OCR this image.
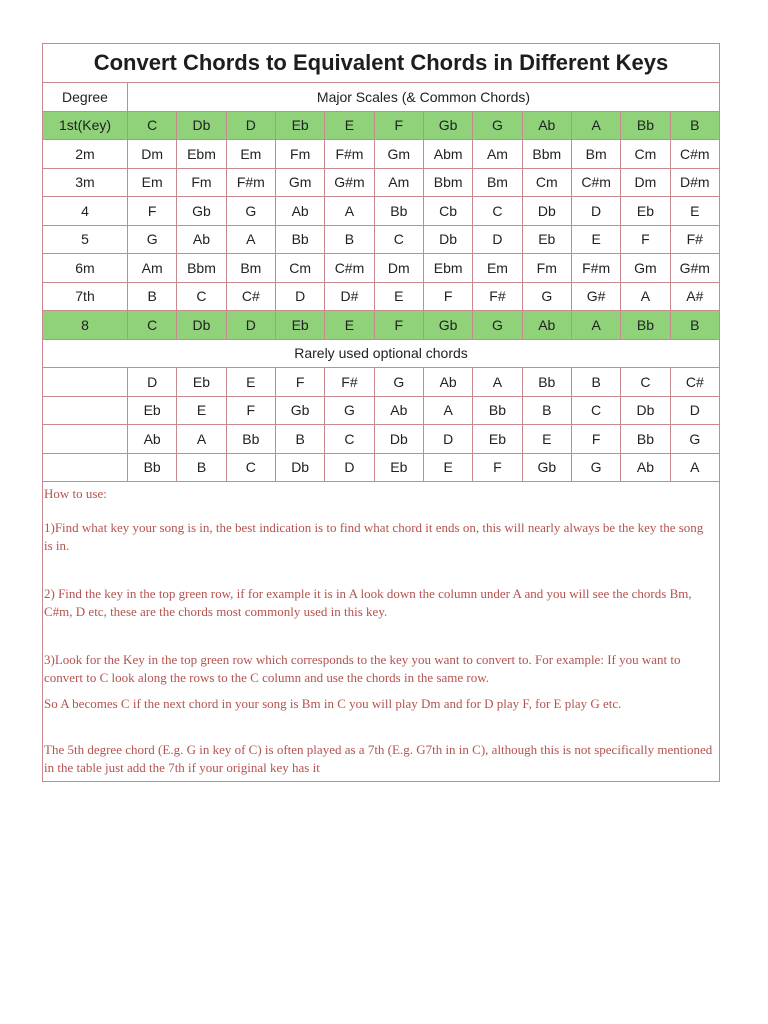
Convert Chords to Equivalent Chords in Different Keys
Degree	Major Scales (& Common Chords)											
1st(Key)	C	Db	D	Eb	E	F	Gb	G	Ab	A	Bb	B
2m	Dm	Ebm	Em	Fm	F#m	Gm	Abm	Am	Bbm	Bm	Cm	C#m
3m	Em	Fm	F#m	Gm	G#m	Am	Bbm	Bm	Cm	C#m	Dm	D#m
4	F	Gb	G	Ab	A	Bb	Cb	C	Db	D	Eb	E
5	G	Ab	A	Bb	B	C	Db	D	Eb	E	F	F#
6m	Am	Bbm	Bm	Cm	C#m	Dm	Ebm	Em	Fm	F#m	Gm	G#m
7th	B	C	C#	D	D#	E	F	F#	G	G#	A	A#
8	C	Db	D	Eb	E	F	Gb	G	Ab	A	Bb	B
Rarely used optional chords												
	D	Eb	E	F	F#	G	Ab	A	Bb	B	C	C#
	Eb	E	F	Gb	G	Ab	A	Bb	B	C	Db	D
	Ab	A	Bb	B	C	Db	D	Eb	E	F	Bb	G
	Bb	B	C	Db	D	Eb	E	F	Gb	G	Ab	A

How to use:

1)Find what key your song is in, the best indication is to find what chord it ends on, this will nearly always be the key the song is in.

2) Find the key in the top green row, if for example it is in A look down the column under A and you will see the chords Bm, C#m, D etc, these are the chords most commonly used in this key.

3)Look for the Key in the top green row which corresponds to the key you want to convert to. For example: If you want to convert to C look along the rows to the C column and use the chords in the same row.

So A becomes C if the next chord in your song is Bm in C you will play Dm and for D play F, for E play G etc.

The 5th degree chord (E.g. G in key of C) is often played as a 7th (E.g. G7th in in C), although this is not specifically mentioned in the table just add the 7th if your original key has it
